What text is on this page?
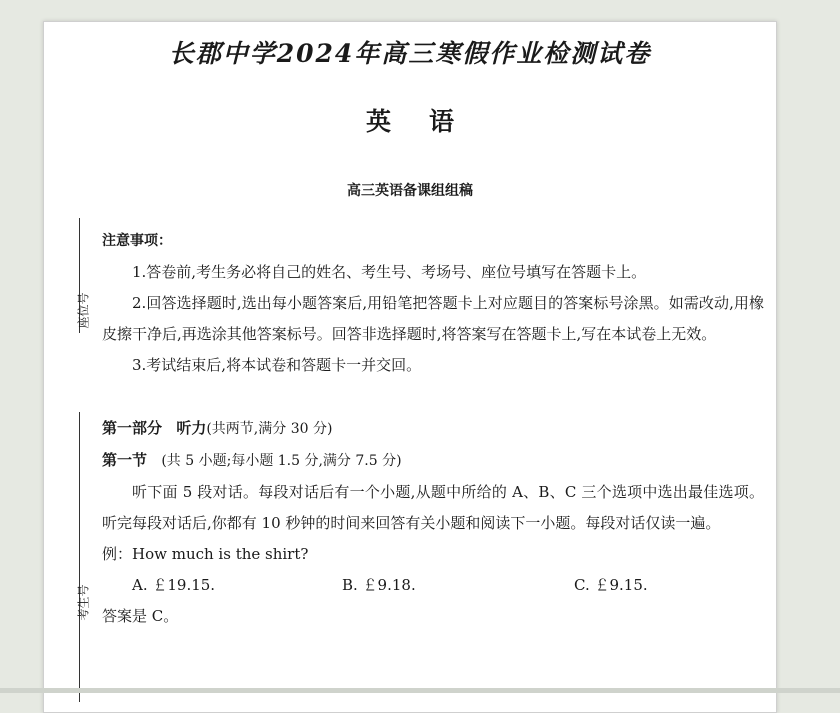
长郡中学2024年高三寒假作业检测试卷
英 语
高三英语备课组组稿
座位号
考生号

注意事项：

1.答卷前,考生务必将自己的姓名、考生号、考场号、座位号填写在答题卡上。

2.回答选择题时,选出每小题答案后,用铅笔把答题卡上对应题目的答案标号涂黑。如需改动,用橡皮擦干净后,再选涂其他答案标号。回答非选择题时,将答案写在答题卡上,写在本试卷上无效。

3.考试结束后,将本试卷和答题卡一并交回。

第一部分 听力(共两节,满分 30 分)

第一节 (共 5 小题;每小题 1.5 分,满分 7.5 分)

听下面 5 段对话。每段对话后有一个小题,从题中所给的 A、B、C 三个选项中选出最佳选项。听完每段对话后,你都有 10 秒钟的时间来回答有关小题和阅读下一小题。每段对话仅读一遍。

例：How much is the shirt?

A. ￡19.15.	B. ￡9.18.	C. ￡9.15.

答案是 C。
